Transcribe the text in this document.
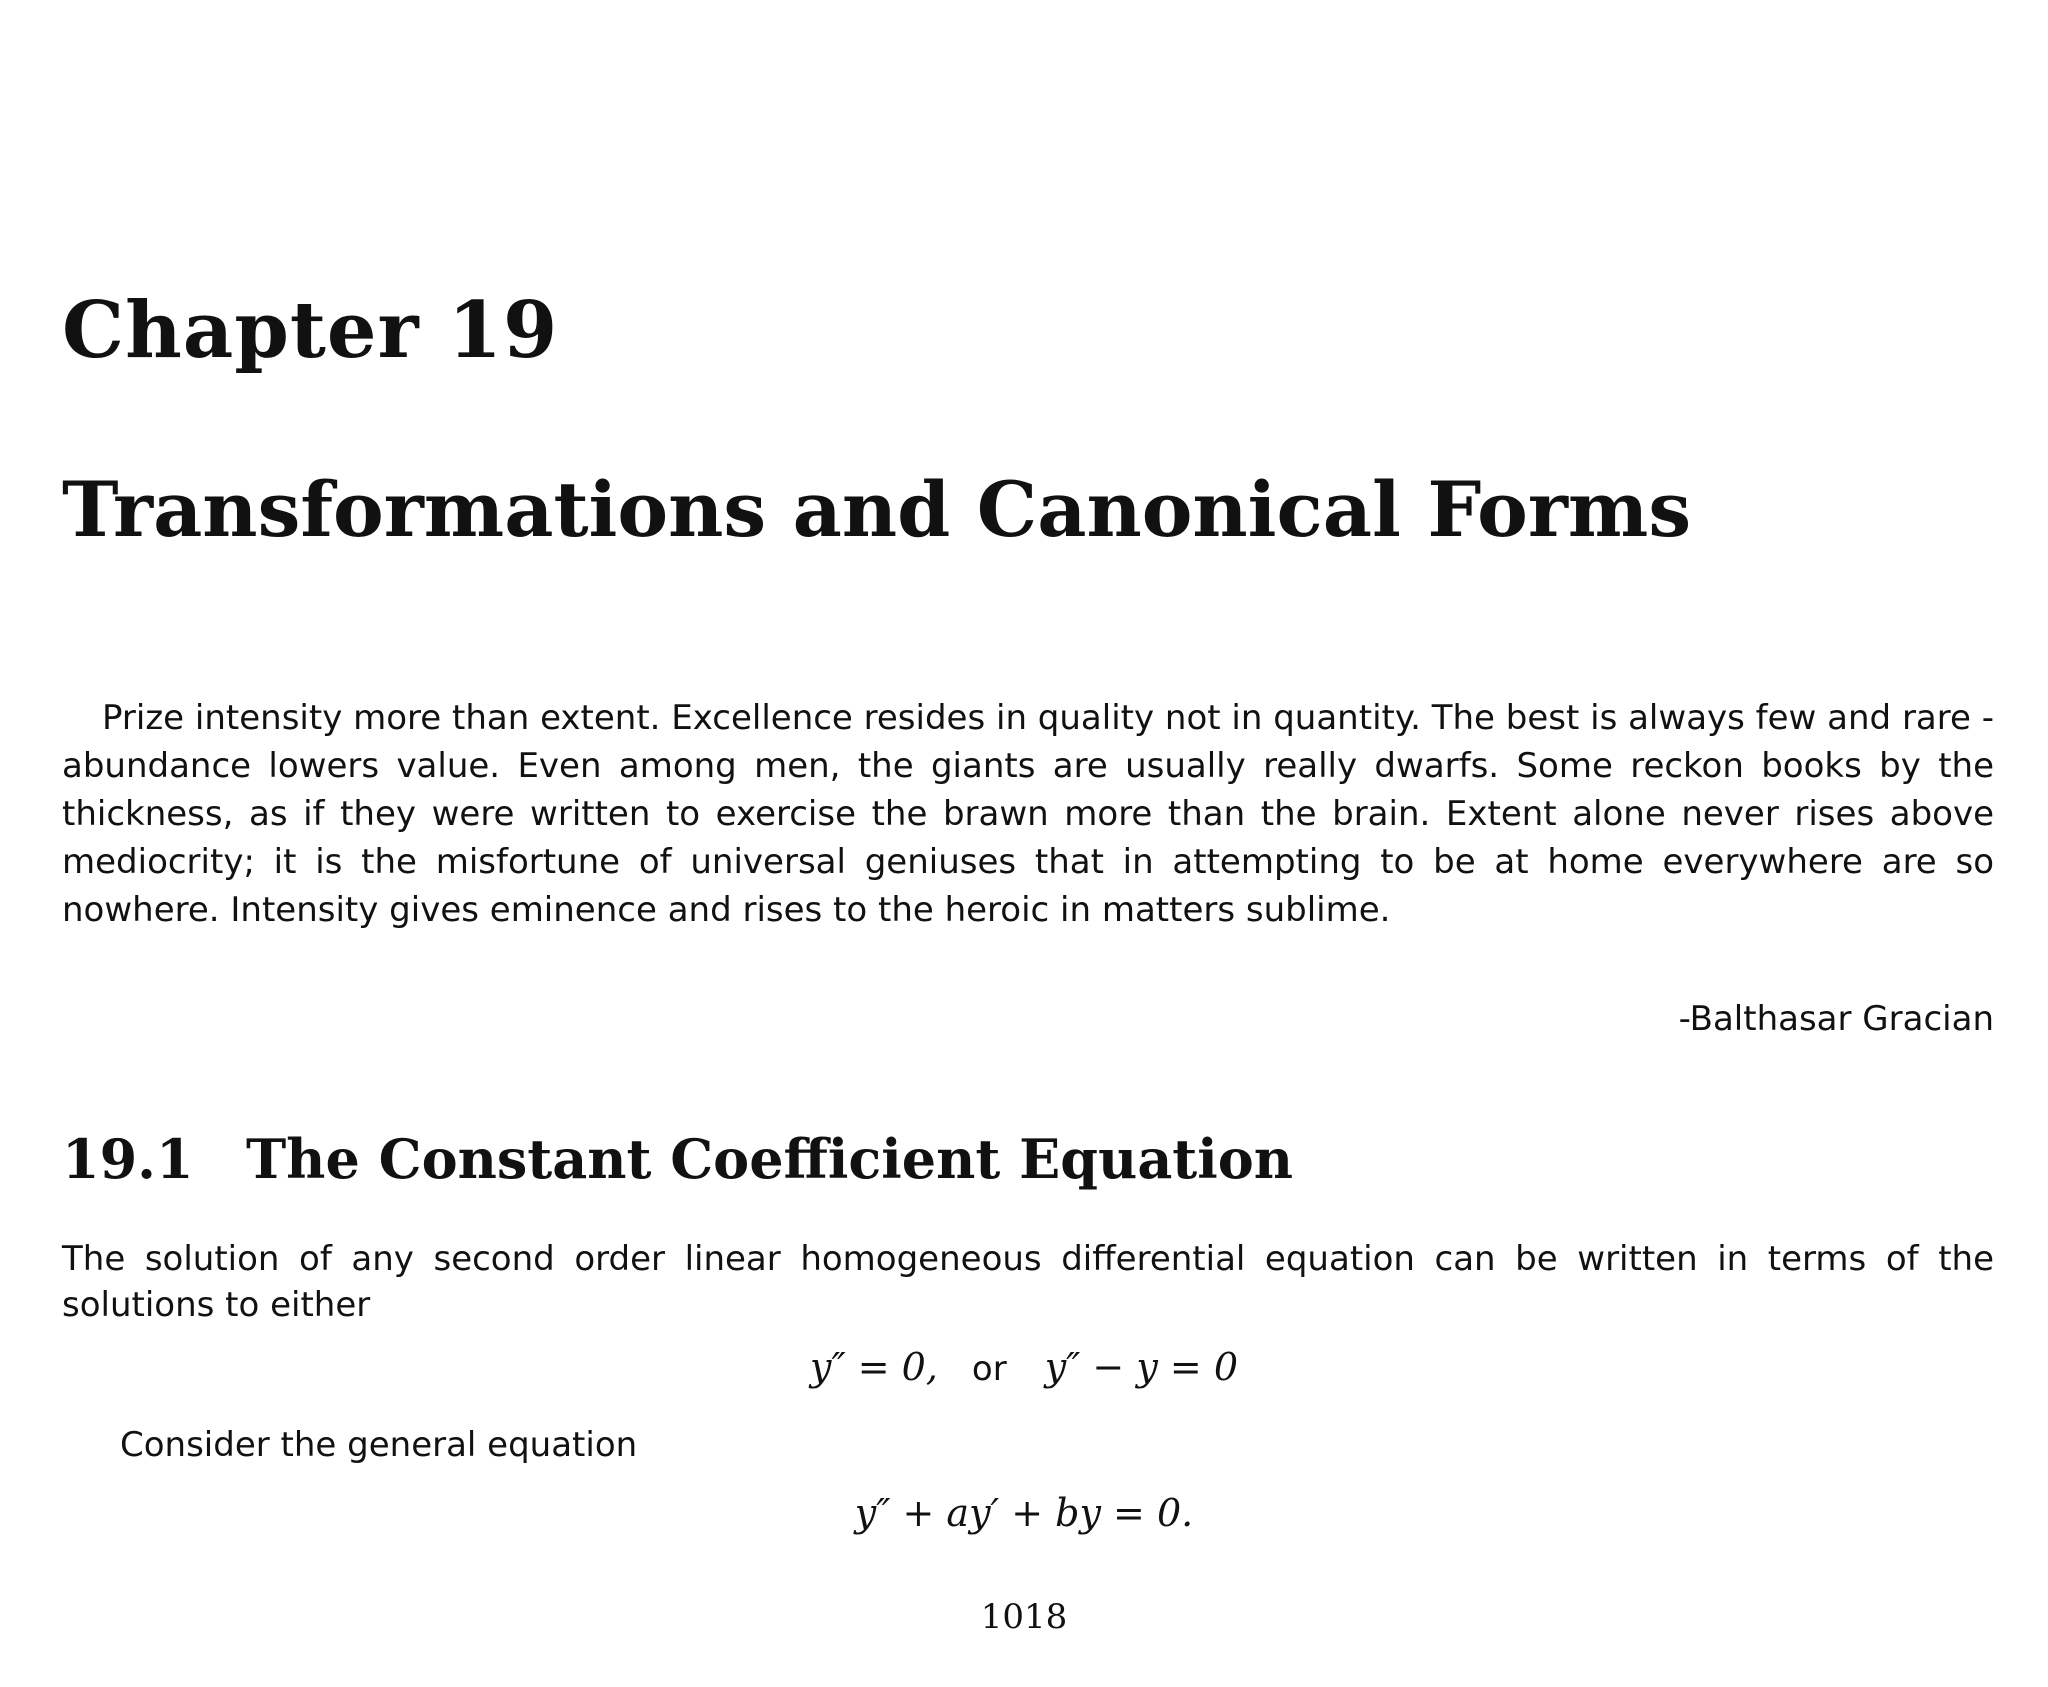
Chapter 19
Transformations and Canonical Forms

Prize intensity more than extent. Excellence resides in quality not in quantity. The best is always few and rare - abundance lowers value. Even among men, the giants are usually really dwarfs. Some reckon books by the thickness, as if they were written to exercise the brawn more than the brain. Extent alone never rises above mediocrity; it is the misfortune of universal geniuses that in attempting to be at home everywhere are so nowhere. Intensity gives eminence and rises to the heroic in matters sublime.

-Balthasar Gracian
19.1 The Constant Coefficient Equation

The solution of any second order linear homogeneous differential equation can be written in terms of the solutions to either

y″ = 0, or y″ − y = 0
Consider the general equation
y″ + ay′ + by = 0.
1018
